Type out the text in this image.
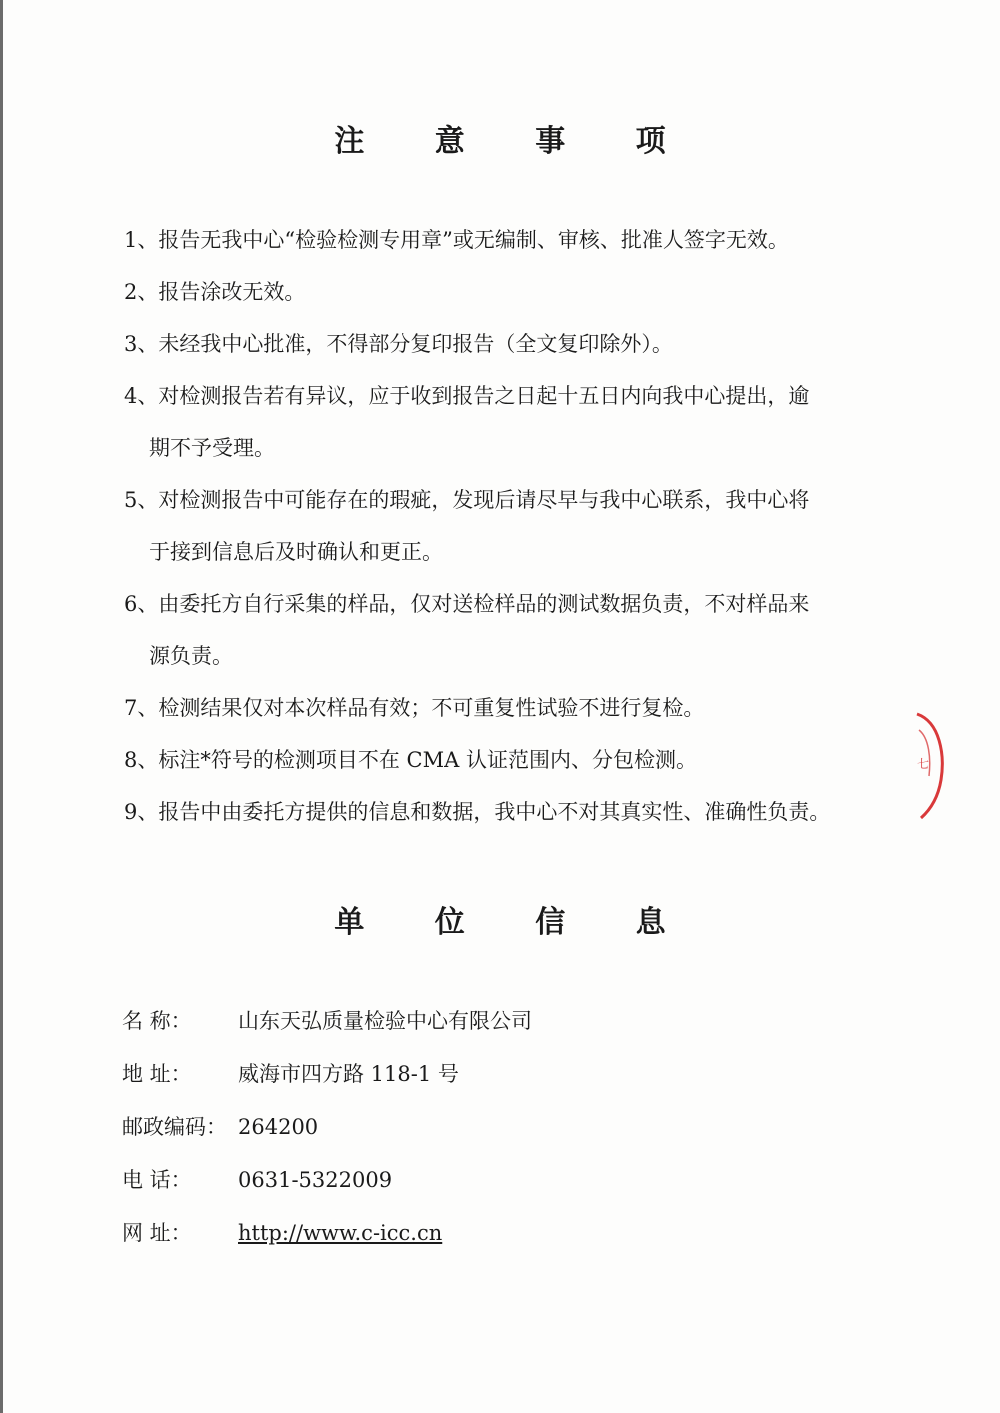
注 意 事 项
1、报告无我中心“检验检测专用章”或无编制、审核、批准人签字无效。
2、报告涂改无效。
3、未经我中心批准，不得部分复印报告（全文复印除外）。
4、对检测报告若有异议，应于收到报告之日起十五日内向我中心提出，逾
期不予受理。
5、对检测报告中可能存在的瑕疵，发现后请尽早与我中心联系，我中心将
于接到信息后及时确认和更正。
6、由委托方自行采集的样品，仅对送检样品的测试数据负责，不对样品来
源负责。
7、检测结果仅对本次样品有效；不可重复性试验不进行复检。
8、标注*符号的检测项目不在 CMA 认证范围内、分包检测。
9、报告中由委托方提供的信息和数据，我中心不对其真实性、准确性负责。
单 位 信 息
名 称： 山东天弘质量检验中心有限公司
地 址： 威海市四方路 118-1 号
邮政编码： 264200
电 话： 0631-5322009
网 址： http://www.c-icc.cn
七
